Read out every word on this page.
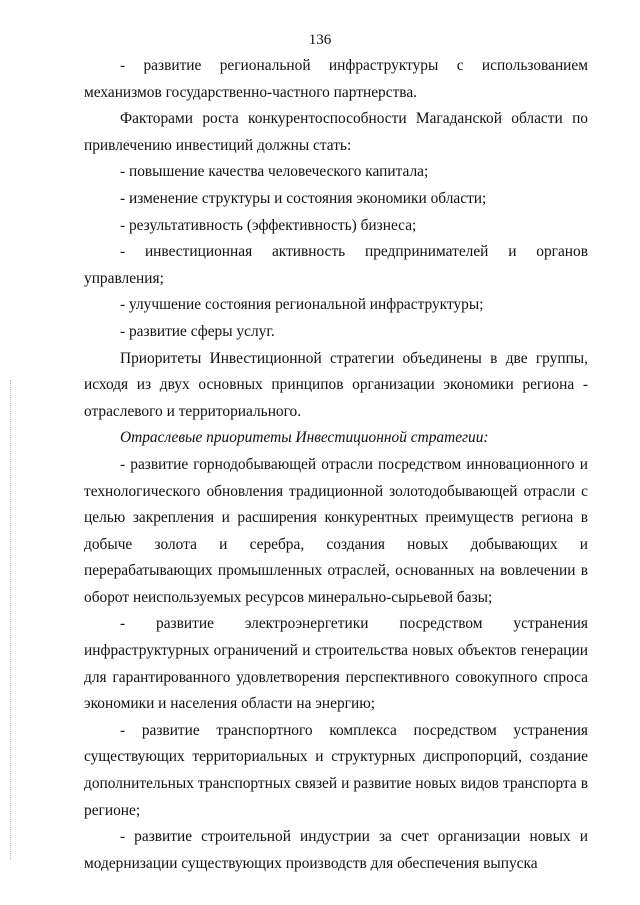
136

- развитие региональной инфраструктуры с использованием механизмов государственно-частного партнерства.

Факторами роста конкурентоспособности Магаданской области по привлечению инвестиций должны стать:

- повышение качества человеческого капитала;

- изменение структуры и состояния экономики области;

- результативность (эффективность) бизнеса;

- инвестиционная активность предпринимателей и органов управления;

- улучшение состояния региональной инфраструктуры;

- развитие сферы услуг.

Приоритеты Инвестиционной стратегии объединены в две группы, исходя из двух основных принципов организации экономики региона - отраслевого и территориального.

Отраслевые приоритеты Инвестиционной стратегии:

- развитие горнодобывающей отрасли посредством инновационного и технологического обновления традиционной золотодобывающей отрасли с целью закрепления и расширения конкурентных преимуществ региона в добыче золота и серебра, создания новых добывающих и перерабатывающих промышленных отраслей, основанных на вовлечении в оборот неиспользуемых ресурсов минерально-сырьевой базы;

- развитие электроэнергетики посредством устранения инфраструктурных ограничений и строительства новых объектов генерации для гарантированного удовлетворения перспективного совокупного спроса экономики и населения области на энергию;

- развитие транспортного комплекса посредством устранения существующих территориальных и структурных диспропорций, создание дополнительных транспортных связей и развитие новых видов транспорта в регионе;

- развитие строительной индустрии за счет организации новых и модернизации существующих производств для обеспечения выпуска
